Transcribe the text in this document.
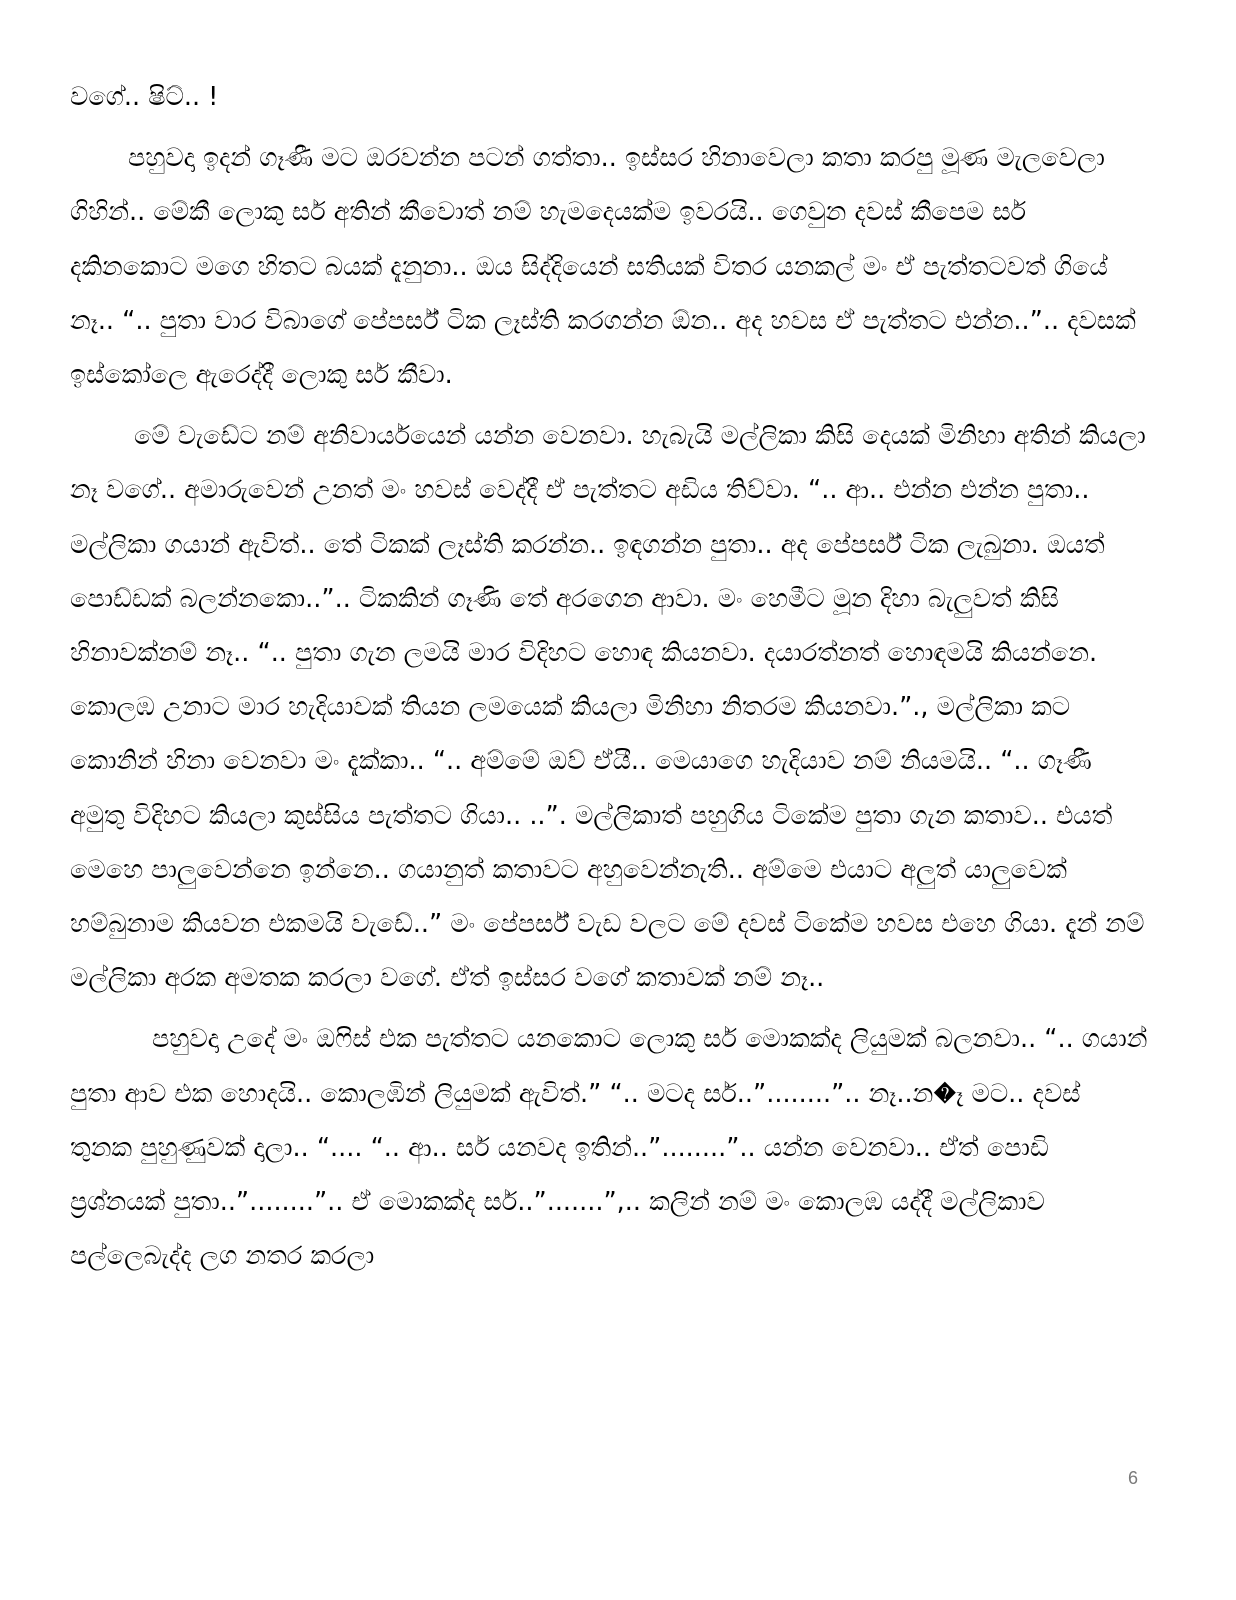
වගේ.. ෂිට්.. !

පහුවදා ඉදන් ගෑණී මට ඔරවන්න පටන් ගත්තා.. ඉස්සර හිනාවෙලා කතා කරපු මූණ මැලවෙලා ගිහින්.. මේකී ලොකු සර් අතින් කීවොත් නම් හැමදෙයක්ම ඉවරයි.. ගෙවුන දවස් කීපෙම සර් දකිනකොට මගෙ හිතට බයක් දැනුනා.. ඔය සිද්දියෙන් සතියක් විතර යනකල් මං ඒ පැත්තටවත් ගියේ නෑ.. “.. පුතා වාර විබාගේ පේපර්ස් ටික ලෑස්ති කරගන්න ඕන.. අද හවස ඒ පැත්තට එන්න..”.. දවසක් ඉස්කෝලෙ ඇරෙද්දී ලොකු සර් කීවා.

මේ වැඩේට නම් අනිවාර්යයෙන් යන්න වෙනවා. හැබැයි මල්ලිකා කිසි දෙයක් මිනිහා අතින් කියලා නෑ වගේ.. අමාරුවෙන් උනත් මං හවස් වෙද්දී ඒ පැත්තට අඩිය තිව්වා. “.. ආ.. එන්න එන්න පුතා.. මල්ලිකා ගයාන් ඇවිත්.. තේ ටිකක් ලෑස්ති කරන්න.. ඉඳගන්න පුතා.. අද පේපර්ස් ටික ලැබුනා. ඔයත් පොඩ්ඩක් බලන්නකො..”.. ටිකකින් ගෑණි තේ අරගෙන ආවා. මං හෙමීට මූන දිහා බැලුවත් කිසි හිනාවක්නම් නෑ.. “.. පුතා ගැන ලමයි මාර විදිහට හොඳ කියනවා. දයාරත්නත් හොඳමයි කියන්නෙ. කොලඹ උනාට මාර හැදියාවක් තියන ලමයෙක් කියලා මිනිහා නිතරම කියනවා.”., මල්ලිකා කට කොනින් හිනා වෙනවා මං දැක්කා.. “.. අම්මේ ඔව් ඒයී.. මෙයාගෙ හැදියාව නම් නියමයි.. “.. ගෑණී අමුතු විදිහට කියලා කුස්සිය පැත්තට ගියා.. ..”. මල්ලිකාත් පහුගිය ටිකේම පුතා ගැන කතාව.. එයත් මෙහෙ පාලුවෙන්නෙ ඉන්නෙ.. ගයානුත් කතාවට අහුවෙන්නැති.. අම්මෙ එයාට අලුත් යාලුවෙක් හම්බුනාම කියවන එකමයි වැඩේ..” මං පේපර්ස් වැඩ වලට මේ දවස් ටිකේම හවස එහෙ ගියා. දැන් නම් මල්ලිකා අරක අමතක කරලා වගේ. ඒත් ඉස්සර වගේ කතාවක් නම් නෑ..

පහුවදා උදේ මං ඔෆිස් එක පැත්තට යනකොට ලොකු සර් මොකක්ද ලියුමක් බලනවා.. “.. ගයාන් පුතා ආව එක හොදයි.. කොලඹින් ලියුමක් ඇවිත්.” “.. මටද සර්..”........”.. නෑ..න�ෑ මට.. දවස් තුනක පුහුණුවක් දාලා.. “.... “.. ආ.. සර් යනවද ඉතින්..”........”.. යන්න වෙනවා.. ඒත් පොඩි ප්‍රශ්නයක් පුතා..”........”.. ඒ මොකක්ද සර්..”.......”,.. කලින් නම් මං කොලඹ යද්දී මල්ලිකාව පල්ලෙබැද්ද ලග නතර කරලා

6
